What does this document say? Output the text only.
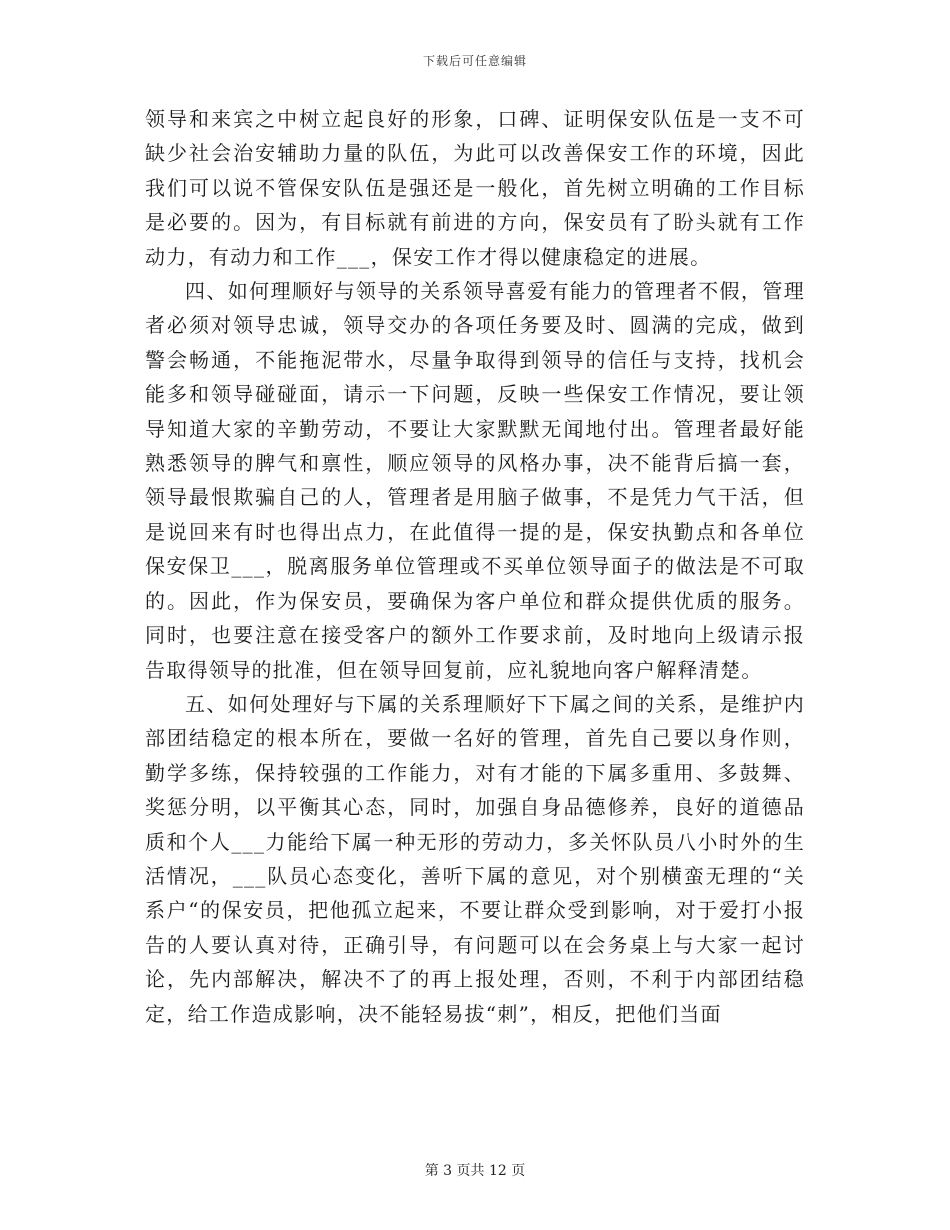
下载后可任意编辑

领导和来宾之中树立起良好的形象，口碑、证明保安队伍是一支不可缺少社会治安辅助力量的队伍，为此可以改善保安工作的环境，因此我们可以说不管保安队伍是强还是一般化，首先树立明确的工作目标是必要的。因为，有目标就有前进的方向，保安员有了盼头就有工作动力，有动力和工作___，保安工作才得以健康稳定的进展。

四、如何理顺好与领导的关系领导喜爱有能力的管理者不假，管理者必须对领导忠诚，领导交办的各项任务要及时、圆满的完成，做到警会畅通，不能拖泥带水，尽量争取得到领导的信任与支持，找机会能多和领导碰碰面，请示一下问题，反映一些保安工作情况，要让领导知道大家的辛勤劳动，不要让大家默默无闻地付出。管理者最好能熟悉领导的脾气和禀性，顺应领导的风格办事，决不能背后搞一套，领导最恨欺骗自己的人，管理者是用脑子做事，不是凭力气干活，但是说回来有时也得出点力，在此值得一提的是，保安执勤点和各单位保安保卫___，脱离服务单位管理或不买单位领导面子的做法是不可取的。因此，作为保安员，要确保为客户单位和群众提供优质的服务。同时，也要注意在接受客户的额外工作要求前，及时地向上级请示报告取得领导的批准，但在领导回复前，应礼貌地向客户解释清楚。

五、如何处理好与下属的关系理顺好下下属之间的关系，是维护内部团结稳定的根本所在，要做一名好的管理，首先自己要以身作则，勤学多练，保持较强的工作能力，对有才能的下属多重用、多鼓舞、奖惩分明，以平衡其心态，同时，加强自身品德修养，良好的道德品质和个人___力能给下属一种无形的劳动力，多关怀队员八小时外的生活情况，___队员心态变化，善听下属的意见，对个别横蛮无理的“关系户“的保安员，把他孤立起来，不要让群众受到影响，对于爱打小报告的人要认真对待，正确引导，有问题可以在会务桌上与大家一起讨论，先内部解决，解决不了的再上报处理，否则，不利于内部团结稳定，给工作造成影响，决不能轻易拔“刺”，相反，把他们当面

第 3 页共 12 页
